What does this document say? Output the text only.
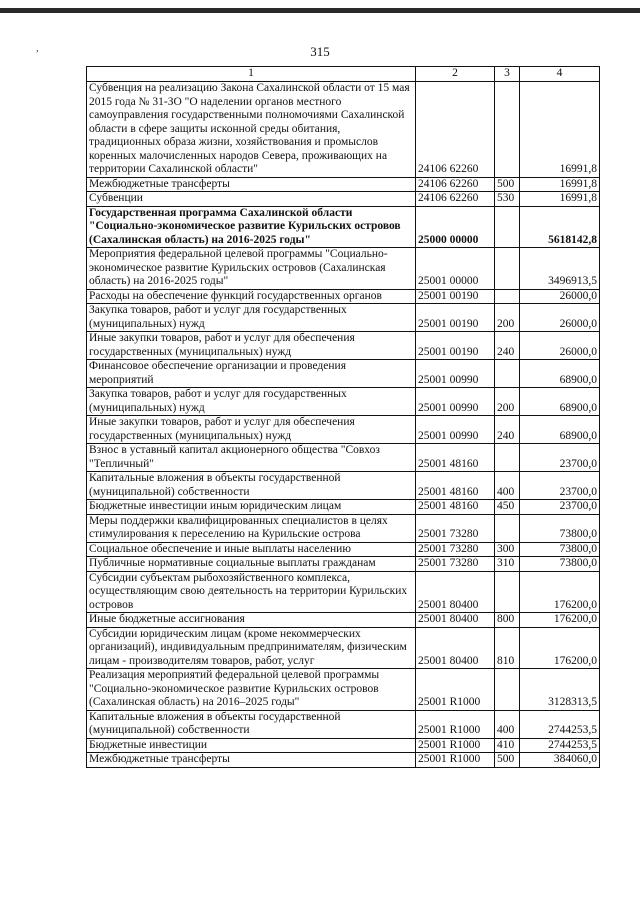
,	315
1	2	3	4
Субвенция на реализацию Закона Сахалинской области от 15 мая 2015 года № 31-ЗО "О наделении органов местного самоуправления государственными полномочиями Сахалинской области в сфере защиты исконной среды обитания, традиционных образа жизни, хозяйствования и промыслов коренных малочисленных народов Севера, проживающих на территории Сахалинской области"	24106 62260		16991,8
Межбюджетные трансферты	24106 62260	500	16991,8
Субвенции	24106 62260	530	16991,8
Государственная программа Сахалинской области "Социально-экономическое развитие Курильских островов (Сахалинская область) на 2016-2025 годы"	25000 00000		5618142,8
Мероприятия федеральной целевой программы "Социально-экономическое развитие Курильских островов (Сахалинская область) на 2016-2025 годы"	25001 00000		3496913,5
Расходы на обеспечение функций государственных органов	25001 00190		26000,0
Закупка товаров, работ и услуг для государственных (муниципальных) нужд	25001 00190	200	26000,0
Иные закупки товаров, работ и услуг для обеспечения государственных (муниципальных) нужд	25001 00190	240	26000,0
Финансовое обеспечение организации и проведения мероприятий	25001 00990		68900,0
Закупка товаров, работ и услуг для государственных (муниципальных) нужд	25001 00990	200	68900,0
Иные закупки товаров, работ и услуг для обеспечения государственных (муниципальных) нужд	25001 00990	240	68900,0
Взнос в уставный капитал акционерного общества "Совхоз "Тепличный"	25001 48160		23700,0
Капитальные вложения в объекты государственной (муниципальной) собственности	25001 48160	400	23700,0
Бюджетные инвестиции иным юридическим лицам	25001 48160	450	23700,0
Меры поддержки квалифицированных специалистов в целях стимулирования к переселению на Курильские острова	25001 73280		73800,0
Социальное обеспечение и иные выплаты населению	25001 73280	300	73800,0
Публичные нормативные социальные выплаты гражданам	25001 73280	310	73800,0
Субсидии субъектам рыбохозяйственного комплекса, осуществляющим свою деятельность на территории Курильских островов	25001 80400		176200,0
Иные бюджетные ассигнования	25001 80400	800	176200,0
Субсидии юридическим лицам (кроме некоммерческих организаций), индивидуальным предпринимателям, физическим лицам - производителям товаров, работ, услуг	25001 80400	810	176200,0
Реализация мероприятий федеральной целевой программы "Социально-экономическое развитие Курильских островов (Сахалинская область) на 2016–2025 годы"	25001 R1000		3128313,5
Капитальные вложения в объекты государственной (муниципальной) собственности	25001 R1000	400	2744253,5
Бюджетные инвестиции	25001 R1000	410	2744253,5
Межбюджетные трансферты	25001 R1000	500	384060,0
